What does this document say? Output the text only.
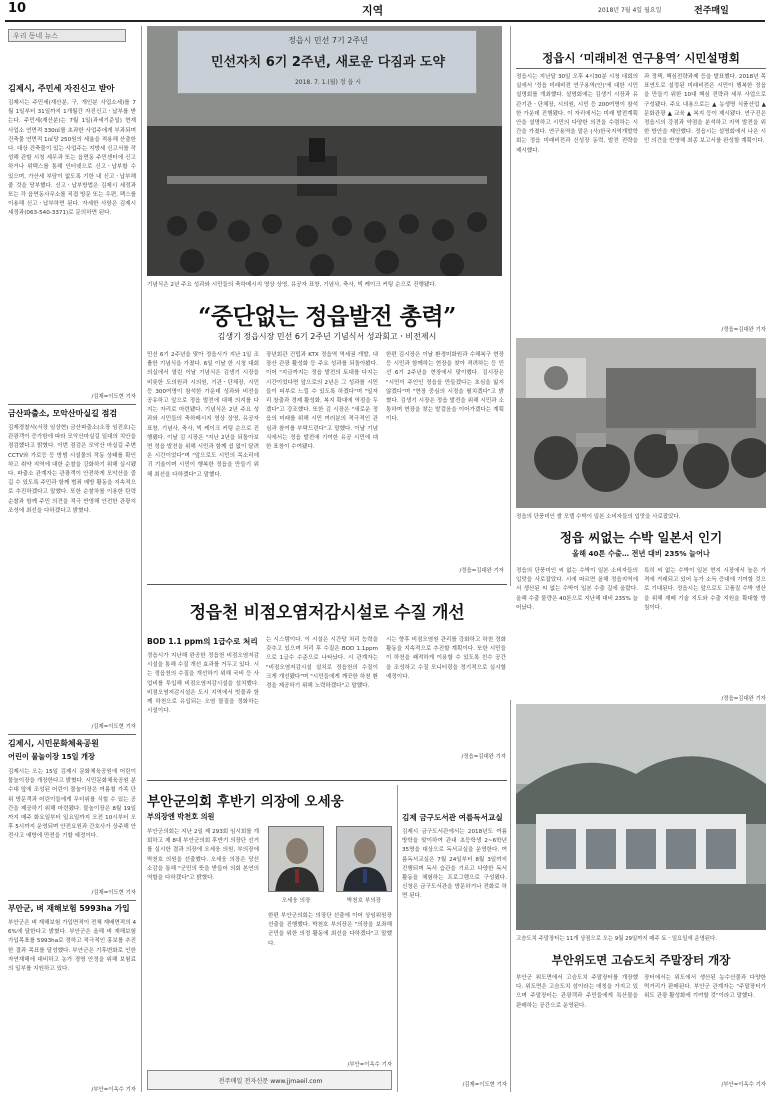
10	지역	2018년 7월 4일 월요일	전주매일
우리 동네 뉴스
김제시, 주민세 자진신고 받아
김제시는 주민세(재산분, 구, 개인분 사업소세)를 7월 1일부터 31일까지 1개월간 자진신고ㆍ납부를 받는다. 주민세(재산분)는 7월 1일(과세기준일) 현재 사업소 연면적 330㎡를 초과한 사업주에게 부과되며 건축물 연면적 1㎡당 250원의 세율을 적용해 산출한다. 대상 건축물이 있는 사업주는 지방세 신고서를 작성해 관할 시청 세무과 또는 읍면동 주민센터에 신고하거나 위택스를 통해 인터넷으로 신고ㆍ납부할 수 있으며, 가산세 부담이 없도록 기한 내 신고ㆍ납부해줄 것을 당부했다. 신고ㆍ납부방법은 김제시 세정과 또는 각 읍면동사무소를 직접 방문 또는 우편, 팩스를 이용해 신고ㆍ납부하면 된다. 자세한 사항은 김제시 세정과(063-540-3371)로 문의하면 된다.
/김제=이도현 기자
금산파출소, 모악산마실길 점검
김제경찰서(서장 임상현) 금산파출소(소장 임진호)는 관광객이 증가함에 따라 모악산마실길 일대의 치안을 점검했다고 밝혔다. 이번 점검은 모악산 마실길 주변 CCTV와 가로등 등 방범 시설물의 작동 상태를 확인하고 취약 지역에 대한 순찰을 강화하기 위해 실시됐다. 파출소 관계자는 관광객이 안전하게 모악산을 즐길 수 있도록 주민과 함께 범죄 예방 활동을 지속적으로 추진하겠다고 말했다. 또한 순찰차를 이용한 탄력 순찰과 함께 주민 의견을 적극 반영해 안전한 관광지 조성에 최선을 다하겠다고 밝혔다.
/김제=이도현 기자
김제시, 시민문화체육공원
어린이 물놀이장 15일 개장
김제시는 오는 15일 김제시 문화체육공원에 어린이 물놀이장을 개장한다고 밝혔다. 시민문화체육공원 분수대 앞에 조성된 어린이 물놀이장은 여름철 가족 단위 방문객과 어린이들에게 무더위를 식힐 수 있는 공간을 제공하기 위해 마련됐다. 물놀이장은 8월 19일까지 매주 화요일부터 일요일까지 오전 10시부터 오후 5시까지 운영되며 안전요원과 간호사가 상주해 안전사고 예방에 만전을 기할 예정이다.
/김제=이도현 기자
부안군, 벼 재해보험 5993ha 가입
부안군은 벼 재해보험 가입면적이 전체 재배면적의 46%에 달한다고 밝혔다. 부안군은 올해 벼 재해보험 가입목표를 5993ha로 정하고 적극적인 홍보를 추진한 결과 목표를 달성했다. 부안군은 기후변화로 인한 자연재해에 대비하고 농가 경영 안정을 위해 보험료의 일부를 지원하고 있다.
/부안=이옥수 기자
정읍시 민선 7기 2주년
민선자치 6기 2주년, 새로운 다짐과 도약
2018. 7. 1.(월) 정 읍 시
기념식은 2년 주요 성과와 시민들의 축하메시지 영상 상영, 유공자 표창, 기념사, 축사, 빅 케이크 커팅 순으로 진행됐다.
“중단없는 정읍발전 총력”
김생기 정읍시장 민선 6기 2주년 기념식서 성과회고ㆍ비전제시
민선 6기 2주년을 맞아 정읍시가 지난 1일 조촐한 기념식을 가졌다. 6일 이날 한 시청 대회의실에서 열린 이날 기념식은 김생기 시장을 비롯한 도의원과 시의원, 기관ㆍ단체장, 시민 등 300여명이 참석한 가운데 성과와 비전을 공유하고 앞으로 정읍 발전에 대해 의지를 다지는 자리로 마련됐다. 기념식은 2년 주요 성과와 시민들의 축하메시지 영상 상영, 유공자 표창, 기념사, 축사, 빅 케이크 커팅 순으로 진행됐다. 이날 김 시장은 "지난 2년을 되돌아보면 정읍 발전을 위해 시민과 함께 쉼 없이 달려온 시간이었다"며 "앞으로도 시민의 목소리에 귀 기울이며 시민이 행복한 정읍을 만들기 위해 최선을 다하겠다"고 말했다.
장년회관 건립과 KTX 정읍역 역세권 개발, 내장산 관광 활성화 등 주요 성과를 되돌아봤다. 이어 "지금까지는 정읍 발전의 토대를 다지는 시간이었다면 앞으로의 2년은 그 성과를 시민들이 피부로 느낄 수 있도록 하겠다"며 "일자리 창출과 경제 활성화, 복지 확대에 역점을 두겠다"고 강조했다. 또한 김 시장은 "새로운 정읍의 미래를 위해 시민 여러분의 적극적인 관심과 참여를 부탁드린다"고 말했다. 이날 기념식에서는 정읍 발전에 기여한 유공 시민에 대한 표창이 수여됐다.
한편 김시장은 이날 환경미화원과 수해복구 현장 등 시민과 함께하는 현장을 찾아 격려하는 등 민선 6기 2주년을 현장에서 맞이했다. 김시장은 "시민이 주인인 정읍을 만들겠다는 초심을 잃지 않겠다"며 "현장 중심의 시정을 펼치겠다"고 밝혔다. 김생기 시장은 정읍 발전을 위해 시민과 소통하며 현장을 찾는 발걸음을 이어가겠다는 계획이다.
/정읍=김대완 기자
정읍시 ‘미래비전 연구용역’ 시민설명회
정읍시는 지난달 30일 오후 4시30분 시청 대회의실에서 '정읍 미래비전 연구용역(안)'에 대한 시민 설명회를 개최했다. 설명회에는 김생기 시장과 유관기관ㆍ단체장, 시의원, 시민 등 200여명이 참석한 가운데 진행됐다. 이 자리에서는 미래 발전계획안을 설명하고 시민의 다양한 의견을 수렴하는 시간을 가졌다. 연구용역을 맡은 (사)한국지역개발학회는 정읍 미래비전과 신성장 동력, 발전 전략을 제시했다.
과 정책, 핵심전략과제 등을 발표했다. 2018년 목표연도로 설정된 미래비전은 시민이 행복한 정읍을 만들기 위한 10대 핵심 전략과 세부 사업으로 구성됐다. 주요 내용으로는 ▲ 농생명 식품산업 ▲ 문화관광 ▲ 교육 ▲ 복지 등이 제시됐다. 연구진은 정읍시의 강점과 약점을 분석하고 지역 발전을 위한 방안을 제안했다. 정읍시는 설명회에서 나온 시민 의견을 반영해 최종 보고서를 완성할 계획이다.
/정읍=김대완 기자
정읍의 단풍미인 쌀 모델 수박이 일본 소비자들의 입맛을 사로잡았다.
정읍 씨없는 수박 일본서 인기
올해 40톤 수출… 전년 대비 235% 늘어나
정읍의 단풍미인 씨 없는 수박이 일본 소비자들의 입맛을 사로잡았다. 시에 따르면 올해 정읍지역에서 생산된 씨 없는 수박이 일본 수출 길에 올랐다. 올해 수출 물량은 40톤으로 지난해 대비 235% 늘어났다.
특히 씨 없는 수박이 일본 현지 시장에서 높은 가격에 거래되고 있어 농가 소득 증대에 기여할 것으로 기대된다. 정읍시는 앞으로도 고품질 수박 생산을 위해 재배 기술 지도와 수출 지원을 확대할 방침이다.
/정읍=김대완 기자
정읍천 비점오염저감시설로 수질 개선
BOD 1.1 ppm의 1급수로 처리
정읍시가 지난해 완공한 정읍천 비점오염저감시설을 통해 수질 개선 효과를 거두고 있다. 시는 정읍천의 수질을 개선하기 위해 국비 등 사업비를 투입해 비점오염저감시설을 설치했다. 비점오염저감시설은 도시 지역에서 빗물과 함께 하천으로 유입되는 오염 물질을 정화하는 시설이다.
는 시스템이다. 이 시설은 시간당 처리 능력을 갖추고 있으며 처리 후 수질은 BOD 1.1ppm으로 1급수 수준으로 나타났다. 시 관계자는 "비점오염저감시설 설치로 정읍천의 수질이 크게 개선됐다"며 "시민들에게 깨끗한 하천 환경을 제공하기 위해 노력하겠다"고 말했다.
시는 향후 비점오염원 관리를 강화하고 하천 정화 활동을 지속적으로 추진할 계획이다. 또한 시민들이 하천을 쾌적하게 이용할 수 있도록 친수 공간을 조성하고 수질 모니터링을 정기적으로 실시할 예정이다.
/정읍=김대완 기자
부안군의회 후반기 의장에 오세웅
부의장엔 박천호 의원
부안군의회는 지난 2일 제 293회 임시회를 개회하고 제 8대 부안군의회 후반기 의장단 선거를 실시한 결과 의장에 오세웅 의원, 부의장에 박천호 의원을 선출했다. 오세웅 의장은 당선 소감을 통해 "군민의 뜻을 받들어 의회 본연의 역할을 다하겠다"고 밝혔다.
오세웅 의장	박천호 부의장
한편 부안군의회는 의장단 선출에 이어 상임위원장 선출을 진행했다. 박천호 부의장은 "의장을 보좌해 군민을 위한 의정 활동에 최선을 다하겠다"고 말했다.
/부안=이옥수 기자
전주매일 전자신문 www.jjmaeil.com
김제 금구도서관 여름독서교실
김제시 금구도서관에서는 2018년도 여름방학을 맞이하여 관내 초등학생 2~6학년 35명을 대상으로 독서교실을 운영한다. 여름독서교실은 7월 24일부터 8월 3일까지 진행되며 독서 습관을 기르고 다양한 독서 활동을 체험하는 프로그램으로 구성됐다. 신청은 금구도서관을 방문하거나 전화로 하면 된다.
/김제=이도현 기자
고슴도치 주말장터는 11개 상점으로 오는 9월 29일까지 매주 토ㆍ일요일에 운영된다.
부안위도면 고슴도치 주말장터 개장
부안군 위도면에서 고슴도치 주말장터를 개장했다. 위도면은 고슴도치 섬이라는 애칭을 가지고 있으며 주말장터는 관광객과 주민들에게 특산물을 판매하는 공간으로 운영된다.
장터에서는 위도에서 생산된 농수산물과 다양한 먹거리가 판매된다. 부안군 관계자는 "주말장터가 위도 관광 활성화에 기여할 것"이라고 말했다.
/부안=이옥수 기자
